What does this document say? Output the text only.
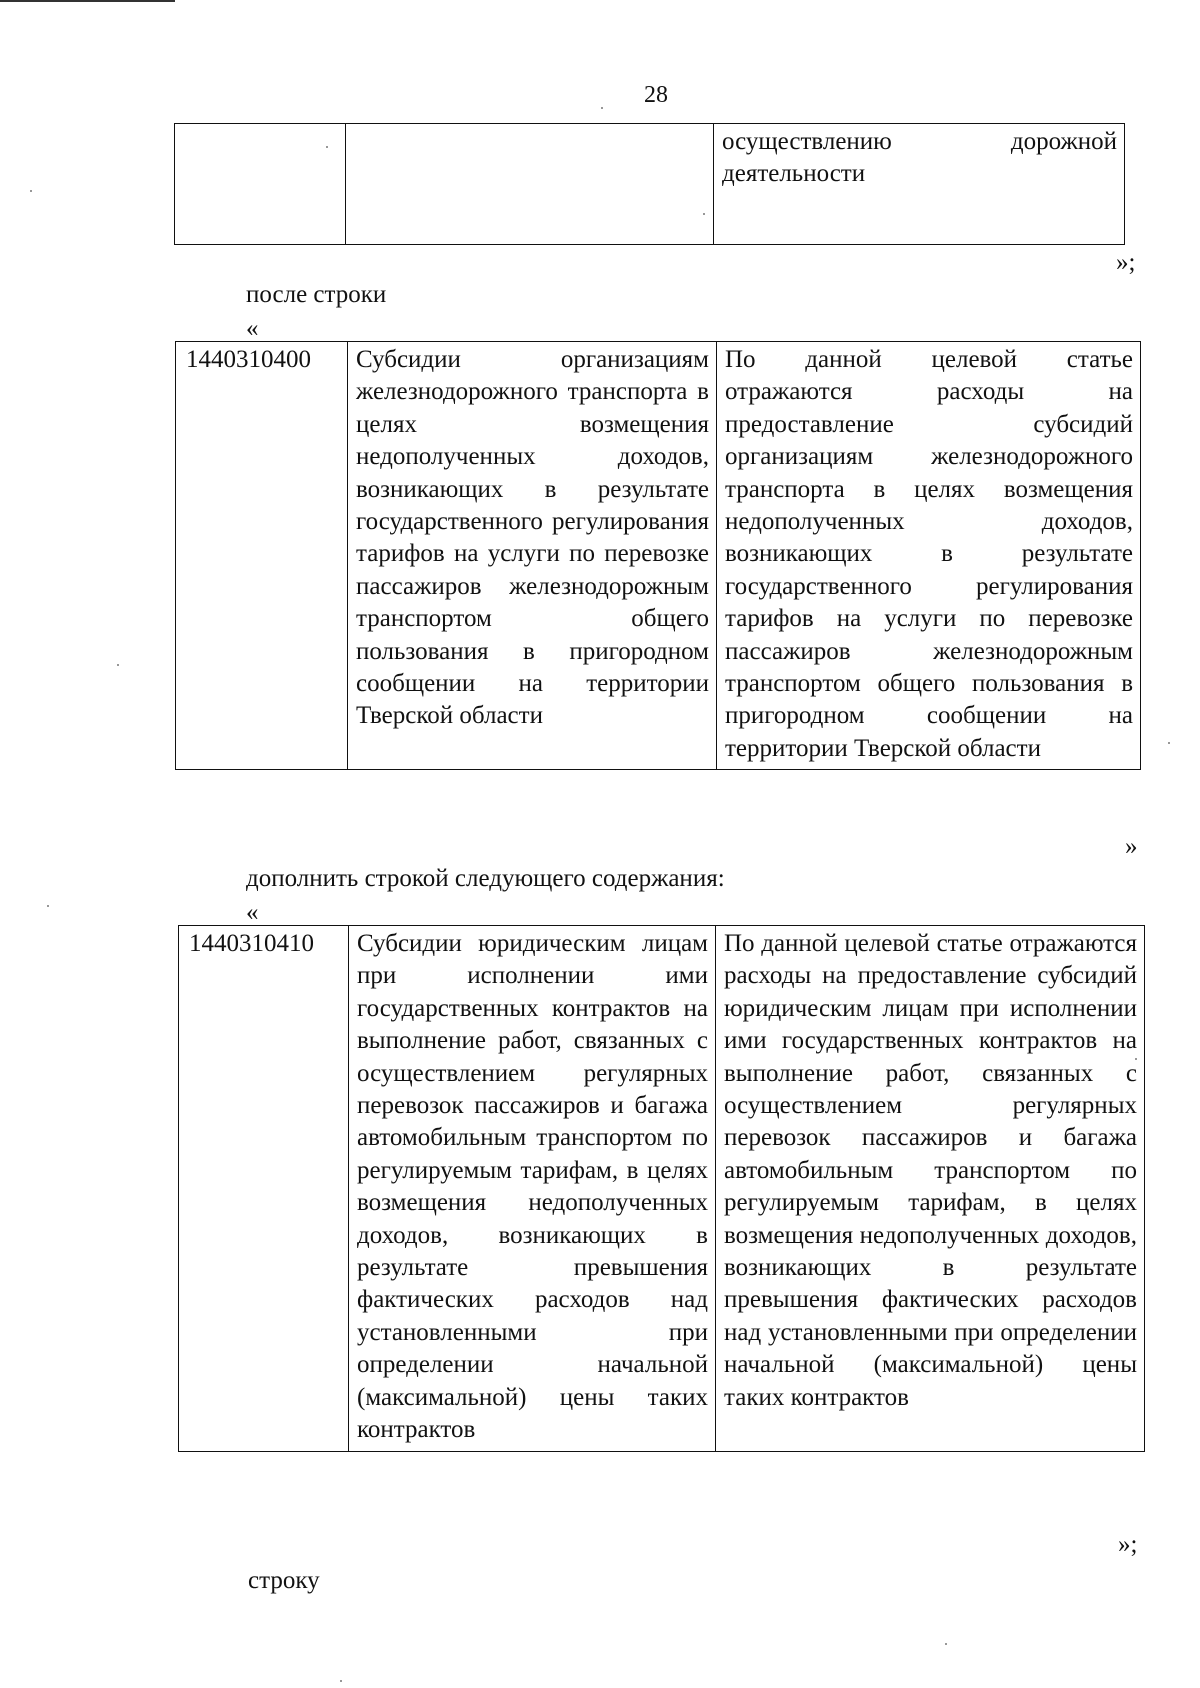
28
		осуществлению дорожной деятельности
»;
после строки
«
1440310400	Субсидии организациям железнодорожного транспорта в целях возмещения недополученных доходов, возникающих в результате государственного регулирования тарифов на услуги по перевозке пассажиров железнодорожным транспортом общего пользования в пригородном сообщении на территории Тверской области	По данной целевой статье отражаются расходы на предоставление субсидий организациям железнодорожного транспорта в целях возмещения недополученных доходов, возникающих в результате государственного регулирования тарифов на услуги по перевозке пассажиров железнодорожным транспортом общего пользования в пригородном сообщении на территории Тверской области
»
дополнить строкой следующего содержания:
«
1440310410	Субсидии юридическим лицам при исполнении ими государственных контрактов на выполнение работ, связанных с осуществлением регулярных перевозок пассажиров и багажа автомобильным транспортом по регулируемым тарифам, в целях возмещения недополученных доходов, возникающих в результате превышения фактических расходов над установленными при определении начальной (максимальной) цены таких контрактов	По данной целевой статье отражаются расходы на предоставление субсидий юридическим лицам при исполнении ими государственных контрактов на выполнение работ, связанных с осуществлением регулярных перевозок пассажиров и багажа автомобильным транспортом по регулируемым тарифам, в целях возмещения недополученных доходов, возникающих в результате превышения фактических расходов над установленными при определении начальной (максимальной) цены таких контрактов
»;
строку
